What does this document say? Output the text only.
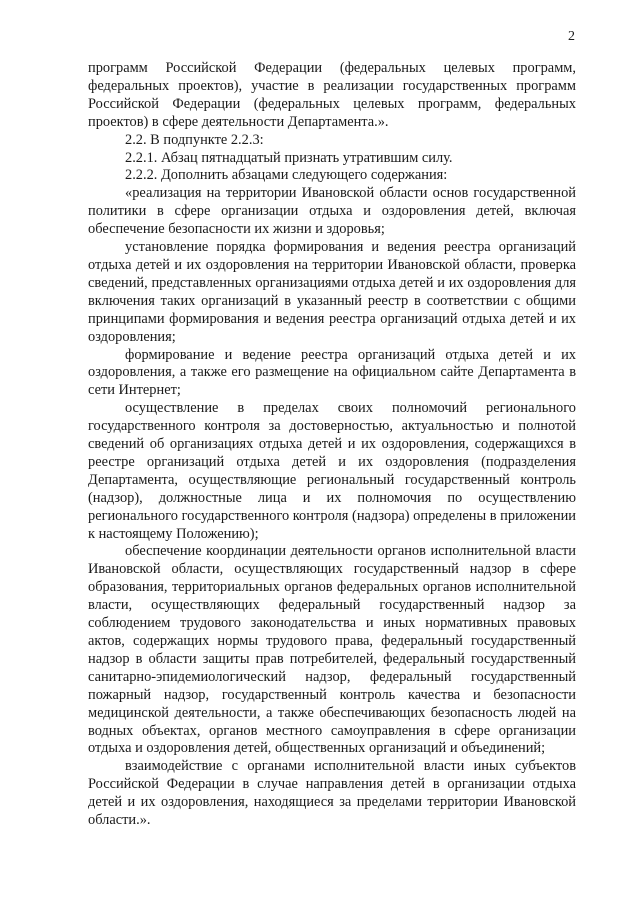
2

программ Российской Федерации (федеральных целевых программ, федеральных проектов), участие в реализации государственных программ Российской Федерации (федеральных целевых программ, федеральных проектов) в сфере деятельности Департамента.».

2.2. В подпункте 2.2.3:

2.2.1. Абзац пятнадцатый признать утратившим силу.

2.2.2. Дополнить абзацами следующего содержания:

«реализация на территории Ивановской области основ государственной политики в сфере организации отдыха и оздоровления детей, включая обеспечение безопасности их жизни и здоровья;

установление порядка формирования и ведения реестра организаций отдыха детей и их оздоровления на территории Ивановской области, проверка сведений, представленных организациями отдыха детей и их оздоровления для включения таких организаций в указанный реестр в соответствии с общими принципами формирования и ведения реестра организаций отдыха детей и их оздоровления;

формирование и ведение реестра организаций отдыха детей и их оздоровления, а также его размещение на официальном сайте Департамента в сети Интернет;

осуществление в пределах своих полномочий регионального государственного контроля за достоверностью, актуальностью и полнотой сведений об организациях отдыха детей и их оздоровления, содержащихся в реестре организаций отдыха детей и их оздоровления (подразделения Департамента, осуществляющие региональный государственный контроль (надзор), должностные лица и их полномочия по осуществлению регионального государственного контроля (надзора) определены в приложении к настоящему Положению);

обеспечение координации деятельности органов исполнительной власти Ивановской области, осуществляющих государственный надзор в сфере образования, территориальных органов федеральных органов исполнительной власти, осуществляющих федеральный государственный надзор за соблюдением трудового законодательства и иных нормативных правовых актов, содержащих нормы трудового права, федеральный государственный надзор в области защиты прав потребителей, федеральный государственный санитарно-эпидемиологический надзор, федеральный государственный пожарный надзор, государственный контроль качества и безопасности медицинской деятельности, а также обеспечивающих безопасность людей на водных объектах, органов местного самоуправления в сфере организации отдыха и оздоровления детей, общественных организаций и объединений;

взаимодействие с органами исполнительной власти иных субъектов Российской Федерации в случае направления детей в организации отдыха детей и их оздоровления, находящиеся за пределами территории Ивановской области.».
